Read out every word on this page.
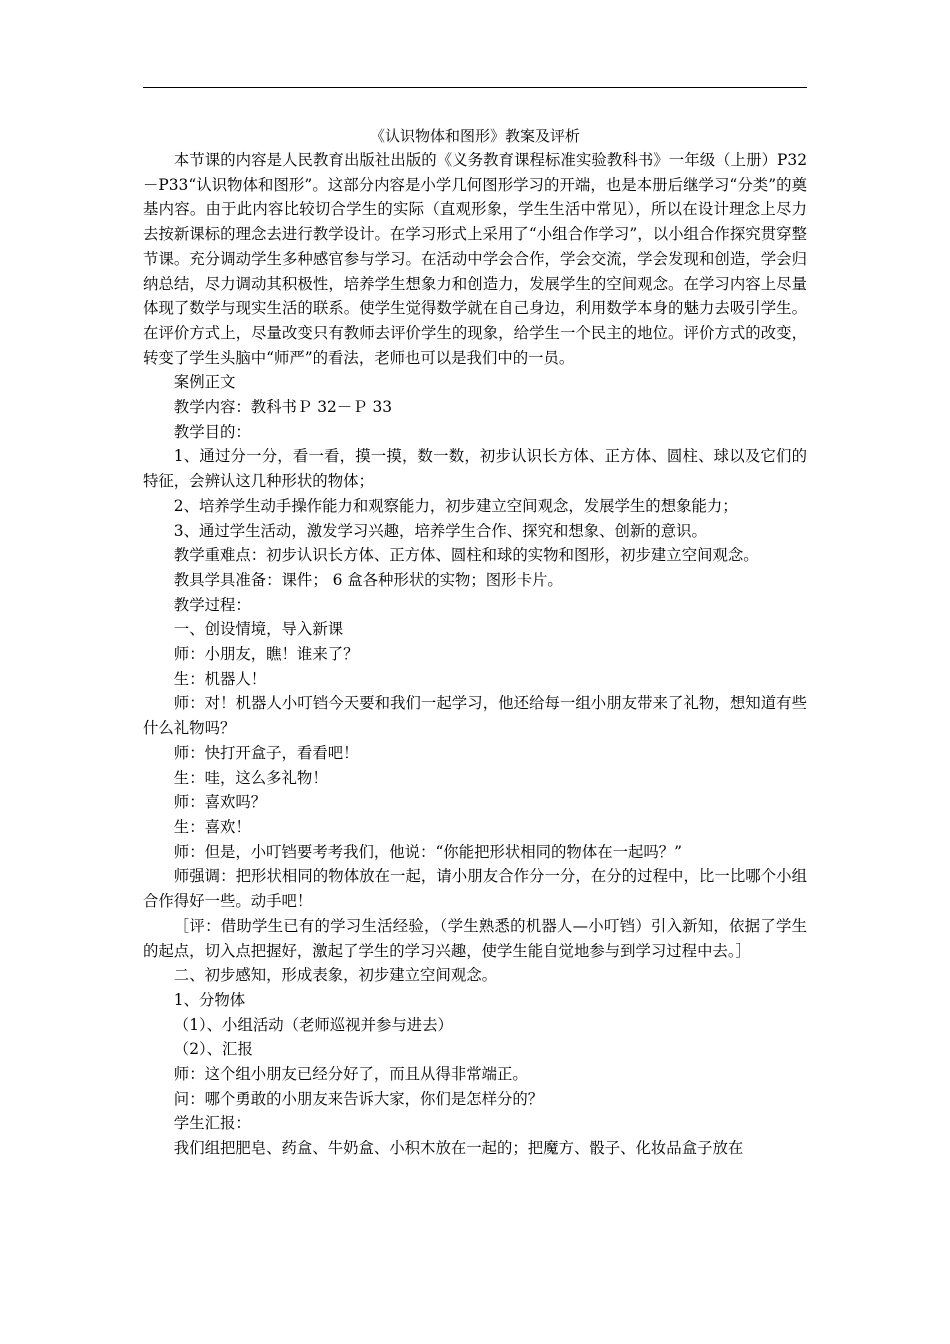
《认识物体和图形》教案及评析

本节课的内容是人民教育出版社出版的《义务教育课程标准实验教科书》一年级（上册）P32－P33“认识物体和图形”。这部分内容是小学几何图形学习的开端，也是本册后继学习“分类”的奠基内容。由于此内容比较切合学生的实际（直观形象，学生生活中常见），所以在设计理念上尽力去按新课标的理念去进行教学设计。在学习形式上采用了“小组合作学习”，以小组合作探究贯穿整节课。充分调动学生多种感官参与学习。在活动中学会合作，学会交流，学会发现和创造，学会归纳总结，尽力调动其积极性，培养学生想象力和创造力，发展学生的空间观念。在学习内容上尽量体现了数学与现实生活的联系。使学生觉得数学就在自己身边，利用数学本身的魅力去吸引学生。在评价方式上，尽量改变只有教师去评价学生的现象，给学生一个民主的地位。评价方式的改变，转变了学生头脑中“师严”的看法，老师也可以是我们中的一员。

案例正文

教学内容：教科书Ｐ 32－Ｐ 33

教学目的：

1、通过分一分，看一看，摸一摸，数一数，初步认识长方体、正方体、圆柱、球以及它们的特征，会辨认这几种形状的物体；

2、培养学生动手操作能力和观察能力，初步建立空间观念，发展学生的想象能力；

3、通过学生活动，激发学习兴趣，培养学生合作、探究和想象、创新的意识。

教学重难点：初步认识长方体、正方体、圆柱和球的实物和图形，初步建立空间观念。

教具学具准备：课件； 6 盒各种形状的实物；图形卡片。

教学过程：

一、创设情境，导入新课

师：小朋友，瞧！谁来了？

生：机器人！

师：对！机器人小叮铛今天要和我们一起学习，他还给每一组小朋友带来了礼物，想知道有些什么礼物吗？

师：快打开盒子，看看吧！

生：哇，这么多礼物！

师：喜欢吗？

生：喜欢！

师：但是，小叮铛要考考我们，他说：“你能把形状相同的物体在一起吗？”

师强调：把形状相同的物体放在一起，请小朋友合作分一分，在分的过程中，比一比哪个小组合作得好一些。动手吧！

［评：借助学生已有的学习生活经验，（学生熟悉的机器人—小叮铛）引入新知，依据了学生的起点，切入点把握好，激起了学生的学习兴趣，使学生能自觉地参与到学习过程中去。］

二、初步感知，形成表象，初步建立空间观念。

1、分物体

（1）、小组活动（老师巡视并参与进去）

（2）、汇报

师：这个组小朋友已经分好了，而且从得非常端正。

问：哪个勇敢的小朋友来告诉大家，你们是怎样分的？

学生汇报：

我们组把肥皂、药盒、牛奶盒、小积木放在一起的；把魔方、骰子、化妆品盒子放在
